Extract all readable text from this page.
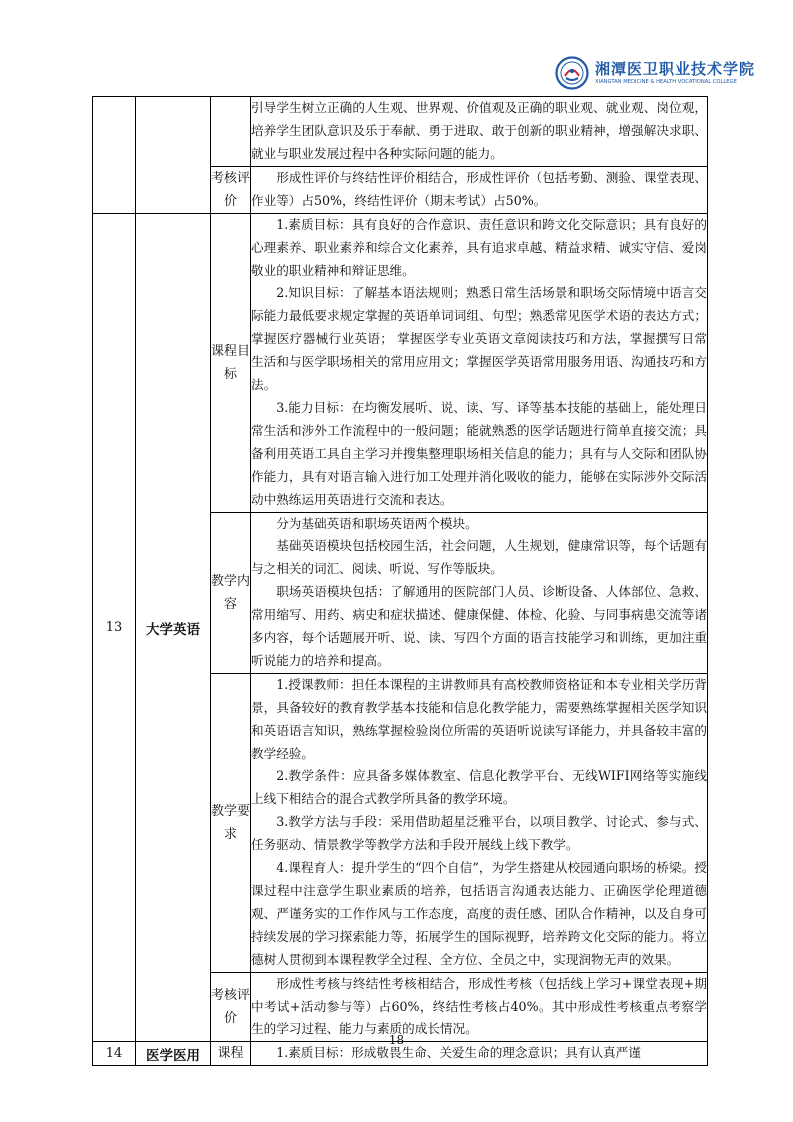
湘潭医卫职业技术学院
XIANGTAN MEDICINE & HEALTH VOCATIONAL COLLEGE

			引导学生树立正确的人生观、世界观、价值观及正确的职业观、就业观、岗位观，培养学生团队意识及乐于奉献、勇于进取、敢于创新的职业精神，增强解决求职、就业与职业发展过程中各种实际问题的能力。

		考核评价	形成性评价与终结性评价相结合，形成性评价（包括考勤、测验、课堂表现、作业等）占50%，终结性评价（期末考试）占50%。

13	大学英语	课程目标	1.素质目标：具有良好的合作意识、责任意识和跨文化交际意识；具有良好的心理素养、职业素养和综合文化素养，具有追求卓越、精益求精、诚实守信、爱岗敬业的职业精神和辩证思维。

2.知识目标：了解基本语法规则；熟悉日常生活场景和职场交际情境中语言交际能力最低要求规定掌握的英语单词词组、句型；熟悉常见医学术语的表达方式；掌握医疗器械行业英语； 掌握医学专业英语文章阅读技巧和方法，掌握撰写日常生活和与医学职场相关的常用应用文；掌握医学英语常用服务用语、沟通技巧和方法。

3.能力目标：在均衡发展听、说、读、写、译等基本技能的基础上，能处理日常生活和涉外工作流程中的一般问题；能就熟悉的医学话题进行简单直接交流；具备利用英语工具自主学习并搜集整理职场相关信息的能力；具有与人交际和团队协作能力，具有对语言输入进行加工处理并消化吸收的能力，能够在实际涉外交际活动中熟练运用英语进行交流和表达。

		教学内容	分为基础英语和职场英语两个模块。

基础英语模块包括校园生活，社会问题，人生规划，健康常识等，每个话题有与之相关的词汇、阅读、听说、写作等版块。

职场英语模块包括：了解通用的医院部门人员、诊断设备、人体部位、急救、常用缩写、用药、病史和症状描述、健康保健、体检、化验、与同事病患交流等诸多内容，每个话题展开听、说、读、写四个方面的语言技能学习和训练，更加注重听说能力的培养和提高。

		教学要求	1.授课教师：担任本课程的主讲教师具有高校教师资格证和本专业相关学历背景，具备较好的教育教学基本技能和信息化教学能力，需要熟练掌握相关医学知识和英语语言知识，熟练掌握检验岗位所需的英语听说读写译能力，并具备较丰富的教学经验。

2.教学条件：应具备多媒体教室、信息化教学平台、无线WIFI网络等实施线上线下相结合的混合式教学所具备的教学环境。

3.教学方法与手段：采用借助超星泛雅平台，以项目教学、讨论式、参与式、任务驱动、情景教学等教学方法和手段开展线上线下教学。

4.课程育人：提升学生的“四个自信”，为学生搭建从校园通向职场的桥梁。授课过程中注意学生职业素质的培养，包括语言沟通表达能力、正确医学伦理道德观、严谨务实的工作作风与工作态度，高度的责任感、团队合作精神，以及自身可持续发展的学习探索能力等，拓展学生的国际视野，培养跨文化交际的能力。将立德树人贯彻到本课程教学全过程、全方位、全员之中，实现润物无声的效果。

		考核评价	形成性考核与终结性考核相结合，形成性考核（包括线上学习+课堂表现+期中考试+活动参与等）占60%，终结性考核占40%。其中形成性考核重点考察学生的学习过程、能力与素质的成长情况。

14	医学医用	课程	1.素质目标：形成敬畏生命、关爱生命的理念意识；具有认真严谨

18
